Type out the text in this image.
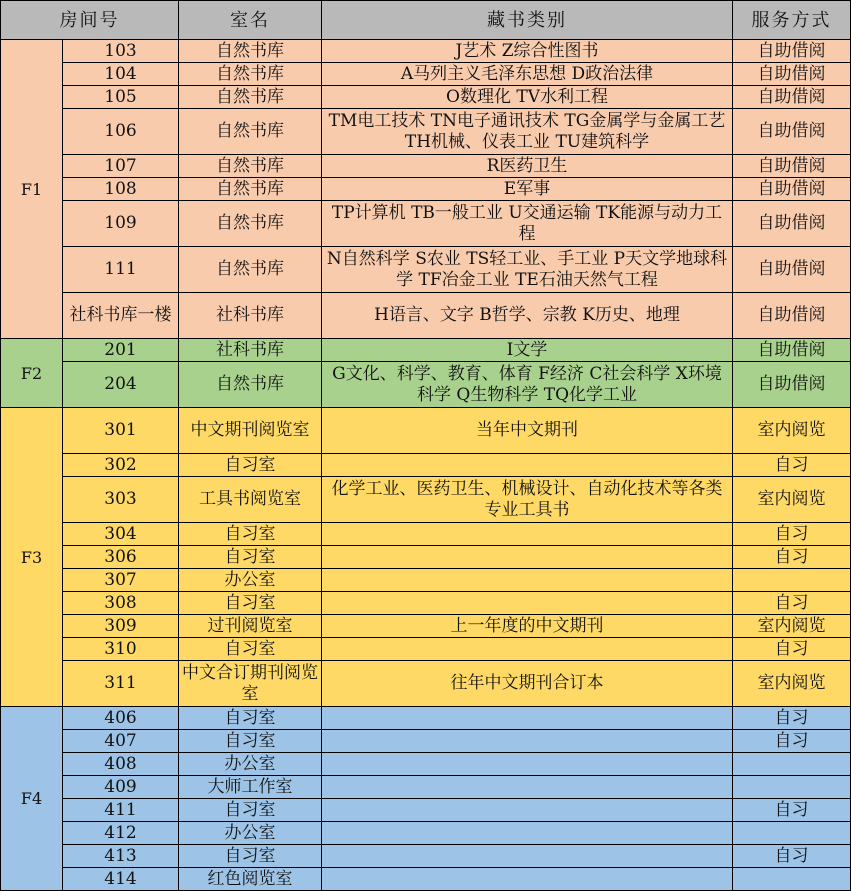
房间号		室名	藏书类别	服务方式
F1	103	自然书库	J艺术 Z综合性图书	自助借阅
	104	自然书库	A马列主义毛泽东思想 D政治法律	自助借阅
	105	自然书库	O数理化 TV水利工程	自助借阅
	106	自然书库	TM电工技术 TN电子通讯技术 TG金属学与金属工艺 TH机械、仪表工业 TU建筑科学	自助借阅
	107	自然书库	R医药卫生	自助借阅
	108	自然书库	E军事	自助借阅
	109	自然书库	TP计算机 TB一般工业 U交通运输 TK能源与动力工程	自助借阅
	111	自然书库	N自然科学 S农业 TS轻工业、手工业 P天文学地球科学 TF冶金工业 TE石油天然气工程	自助借阅
	社科书库一楼	社科书库	H语言、文字 B哲学、宗教 K历史、地理	自助借阅
F2	201	社科书库	I文学	自助借阅
	204	自然书库	G文化、科学、教育、体育 F经济 C社会科学 X环境科学 Q生物科学 TQ化学工业	自助借阅
F3	301	中文期刊阅览室	当年中文期刊	室内阅览
	302	自习室		自习
	303	工具书阅览室	化学工业、医药卫生、机械设计、自动化技术等各类专业工具书	室内阅览
	304	自习室		自习
	306	自习室		自习
	307	办公室		
	308	自习室		自习
	309	过刊阅览室	上一年度的中文期刊	室内阅览
	310	自习室		自习
	311	中文合订期刊阅览室	往年中文期刊合订本	室内阅览
F4	406	自习室		自习
	407	自习室		自习
	408	办公室		
	409	大师工作室		
	411	自习室		自习
	412	办公室		
	413	自习室		自习
	414	红色阅览室		
